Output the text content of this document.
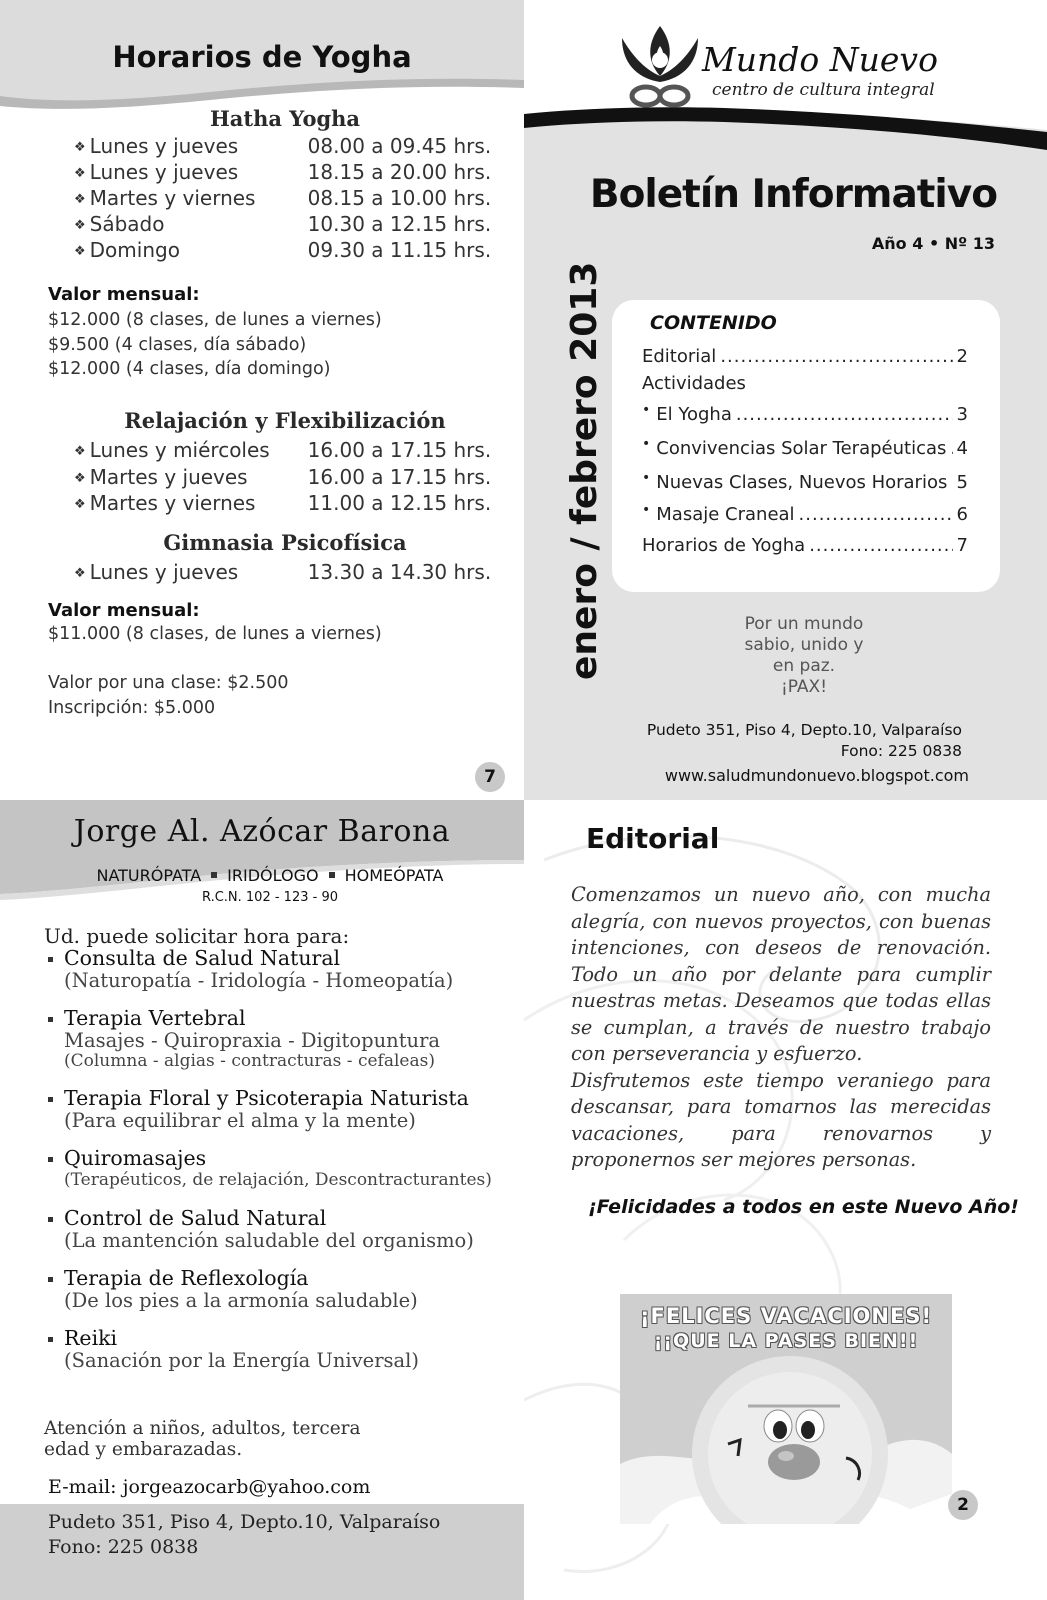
Horarios de Yogha
Hatha Yogha
❖ Lunes y jueves	08.00 a 09.45 hrs.
❖ Lunes y jueves	18.15 a 20.00 hrs.
❖ Martes y viernes	08.15 a 10.00 hrs.
❖ Sábado	10.30 a 12.15 hrs.
❖ Domingo	09.30 a 11.15 hrs.
Valor mensual:
$12.000 (8 clases, de lunes a viernes)
$9.500 (4 clases, día sábado)
$12.000 (4 clases, día domingo)
Relajación y Flexibilización
❖ Lunes y miércoles 16.00 a 17.15 hrs.
❖ Martes y jueves	16.00 a 17.15 hrs.
❖ Martes y viernes	11.00 a 12.15 hrs.
Gimnasia Psicofísica
❖ Lunes y jueves	13.30 a 14.30 hrs.
Valor mensual:
$11.000 (8 clases, de lunes a viernes)
Valor por una clase: $2.500
Inscripción: $5.000
7
Mundo Nuevo
centro de cultura integral
Boletín Informativo
Año 4 • Nº 13
enero / febrero 2013 CONTENIDO
Editorial .....	2
Actividades
• El Yogha .....	3
• Convivencias Solar Terapéuticas ..... 4
• Nuevas Clases, Nuevos Horarios ..... 5
• Masaje Craneal .....	6
Horarios de Yogha .....	7
Por un mundo
sabio, unido y
en paz.
¡PAX!
Pudeto 351, Piso 4, Depto.10, Valparaíso
Fono: 225 0838
www.saludmundonuevo.blogspot.com
Jorge Al. Azócar Barona
NATURÓPATA IRIDÓLOGO HOMEÓPATA
R.C.N. 102 - 123 - 90
Ud. puede solicitar hora para:
Consulta de Salud Natural
(Naturopatía - Iridología - Homeopatía)
Terapia Vertebral
Masajes - Quiropraxia - Digitopuntura
(Columna - algias - contracturas - cefaleas)
Terapia Floral y Psicoterapia Naturista
(Para equilibrar el alma y la mente)
Quiromasajes
(Terapéuticos, de relajación, Descontracturantes)
Control de Salud Natural
(La mantención saludable del organismo)
Terapia de Reflexología
(De los pies a la armonía saludable)
Reiki
(Sanación por la Energía Universal)
Atención a niños, adultos, tercera
edad y embarazadas.
E-mail: jorgeazocarb@yahoo.com
Pudeto 351, Piso 4, Depto.10, Valparaíso
Fono: 225 0838
Editorial

Comenzamos un nuevo año, con mucha alegría, con nuevos proyectos, con buenas intenciones, con deseos de renovación. Todo un año por delante para cumplir nuestras metas. Deseamos que todas ellas se cumplan, a través de nuestro trabajo con perseverancia y esfuerzo.

Disfrutemos este tiempo veraniego para descansar, para tomarnos las merecidas vacaciones, para renovarnos y proponernos ser mejores personas.

¡Felicidades a todos en este Nuevo Año!
¡FELICES VACACIONES!
¡¡QUE LA PASES BIEN!!
2
